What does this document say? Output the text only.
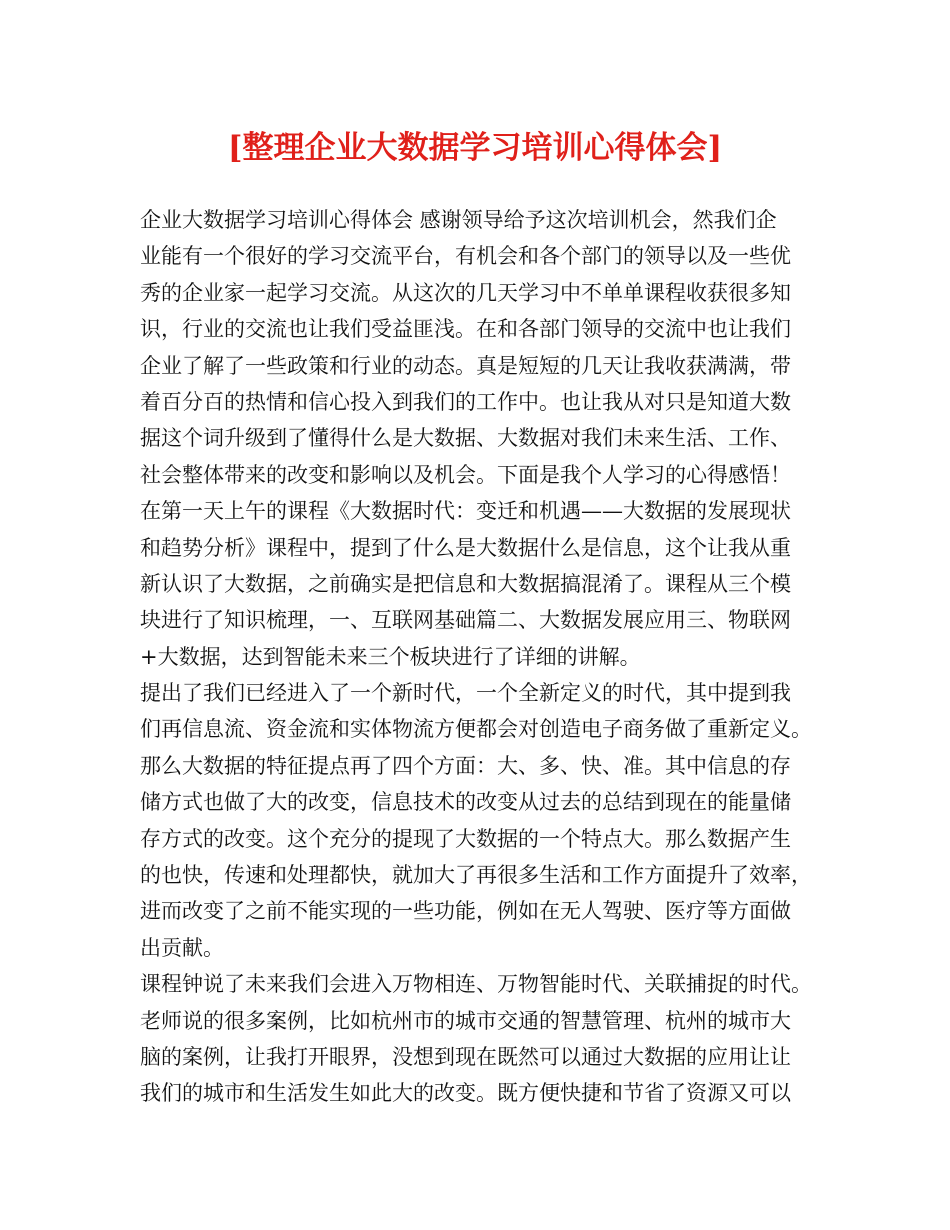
[整理企业大数据学习培训心得体会]
企业大数据学习培训心得体会 感谢领导给予这次培训机会，然我们企
业能有一个很好的学习交流平台，有机会和各个部门的领导以及一些优
秀的企业家一起学习交流。从这次的几天学习中不单单课程收获很多知
识，行业的交流也让我们受益匪浅。在和各部门领导的交流中也让我们
企业了解了一些政策和行业的动态。真是短短的几天让我收获满满，带
着百分百的热情和信心投入到我们的工作中。也让我从对只是知道大数
据这个词升级到了懂得什么是大数据、大数据对我们未来生活、工作、
社会整体带来的改变和影响以及机会。下面是我个人学习的心得感悟！
在第一天上午的课程《大数据时代：变迁和机遇——大数据的发展现状
和趋势分析》课程中，提到了什么是大数据什么是信息，这个让我从重
新认识了大数据，之前确实是把信息和大数据搞混淆了。课程从三个模
块进行了知识梳理，一、互联网基础篇二、大数据发展应用三、物联网
+大数据，达到智能未来三个板块进行了详细的讲解。
提出了我们已经进入了一个新时代，一个全新定义的时代，其中提到我
们再信息流、资金流和实体物流方便都会对创造电子商务做了重新定义。
那么大数据的特征提点再了四个方面：大、多、快、准。其中信息的存
储方式也做了大的改变，信息技术的改变从过去的总结到现在的能量储
存方式的改变。这个充分的提现了大数据的一个特点大。那么数据产生
的也快，传速和处理都快，就加大了再很多生活和工作方面提升了效率，
进而改变了之前不能实现的一些功能，例如在无人驾驶、医疗等方面做
出贡献。
课程钟说了未来我们会进入万物相连、万物智能时代、关联捕捉的时代。
老师说的很多案例，比如杭州市的城市交通的智慧管理、杭州的城市大
脑的案例，让我打开眼界，没想到现在既然可以通过大数据的应用让让
我们的城市和生活发生如此大的改变。既方便快捷和节省了资源又可以
